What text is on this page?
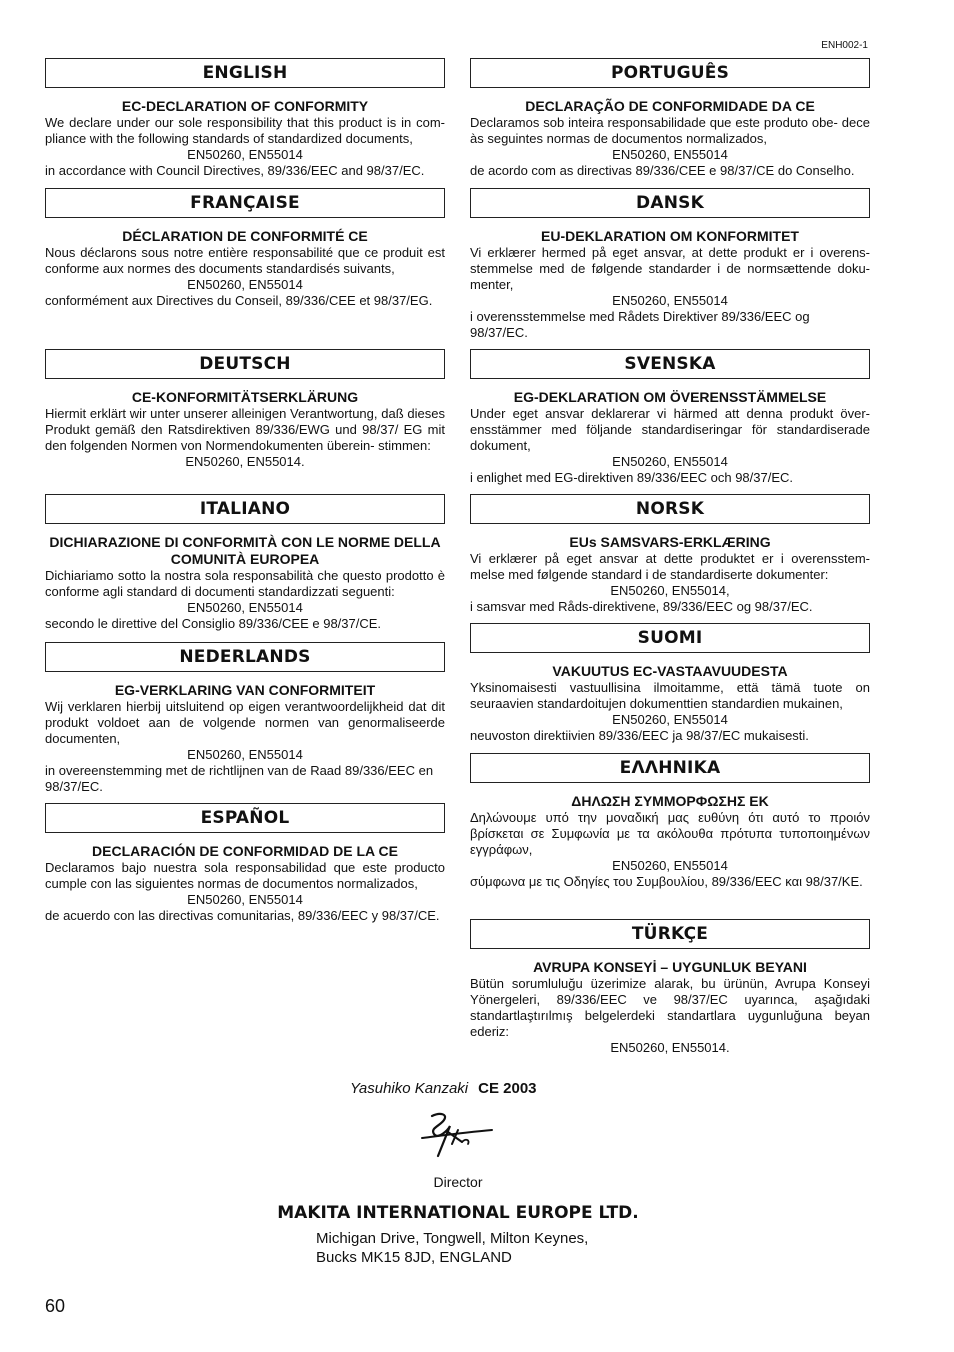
ENH002-1
ENGLISH
EC-DECLARATION OF CONFORMITY
We declare under our sole responsibility that this product is in com- pliance with the following standards of standardized documents,
EN50260, EN55014
in accordance with Council Directives, 89/336/EEC and 98/37/EC.
FRANÇAISE
DÉCLARATION DE CONFORMITÉ CE
Nous déclarons sous notre entière responsabilité que ce produit est conforme aux normes des documents standardisés suivants,
EN50260, EN55014
conformément aux Directives du Conseil, 89/336/CEE et 98/37/EG.
DEUTSCH
CE-KONFORMITÄTSERKLÄRUNG
Hiermit erklärt wir unter unserer alleinigen Verantwortung, daß dieses Produkt gemäß den Ratsdirektiven 89/336/EWG und 98/37/ EG mit den folgenden Normen von Normendokumenten überein- stimmen:
EN50260, EN55014.
ITALIANO
DICHIARAZIONE DI CONFORMITÀ CON LE NORME DELLA COMUNITÀ EUROPEA
Dichiariamo sotto la nostra sola responsabilità che questo prodotto è conforme agli standard di documenti standardizzati seguenti:
EN50260, EN55014
secondo le direttive del Consiglio 89/336/CEE e 98/37/CE.
NEDERLANDS
EG-VERKLARING VAN CONFORMITEIT
Wij verklaren hierbij uitsluitend op eigen verantwoordelijkheid dat dit produkt voldoet aan de volgende normen van genormaliseerde documenten,
EN50260, EN55014
in overeenstemming met de richtlijnen van de Raad 89/336/EEC en 98/37/EC.
ESPAÑOL
DECLARACIÓN DE CONFORMIDAD DE LA CE
Declaramos bajo nuestra sola responsabilidad que este producto cumple con las siguientes normas de documentos normalizados,
EN50260, EN55014
de acuerdo con las directivas comunitarias, 89/336/EEC y 98/37/CE.
PORTUGUÊS
DECLARAÇÃO DE CONFORMIDADE DA CE
Declaramos sob inteira responsabilidade que este produto obe- dece às seguintes normas de documentos normalizados,
EN50260, EN55014
de acordo com as directivas 89/336/CEE e 98/37/CE do Conselho.
DANSK
EU-DEKLARATION OM KONFORMITET
Vi erklærer hermed på eget ansvar, at dette produkt er i overens- stemmelse med de følgende standarder i de normsættende doku- menter,
EN50260, EN55014
i overensstemmelse med Rådets Direktiver 89/336/EEC og 98/37/EC.
SVENSKA
EG-DEKLARATION OM ÖVERENSSTÄMMELSE
Under eget ansvar deklarerar vi härmed att denna produkt över- ensstämmer med följande standardiseringar för standardiserade dokument,
EN50260, EN55014
i enlighet med EG-direktiven 89/336/EEC och 98/37/EC.
NORSK
EUs SAMSVARS-ERKLÆRING
Vi erklærer på eget ansvar at dette produktet er i overensstem- melse med følgende standard i de standardiserte dokumenter:
EN50260, EN55014,
i samsvar med Råds-direktivene, 89/336/EEC og 98/37/EC.
SUOMI
VAKUUTUS EC-VASTAAVUUDESTA
Yksinomaisesti vastuullisina ilmoitamme, että tämä tuote on seuraavien standardoitujen dokumenttien standardien mukainen,
EN50260, EN55014
neuvoston direktiivien 89/336/EEC ja 98/37/EC mukaisesti.
ΕΛΛΗΝΙΚΑ
ΔΗΛΩΣΗ ΣΥΜΜΟΡΦΩΣΗΣ ΕΚ
Δηλώνουμε υπό την μοναδική μας ευθύνη ότι αυτό το προιόν βρίσκεται σε Συμφωνία με τα ακόλουθα πρότυπα τυποποιημένων εγγράφων,
EN50260, EN55014
σύμφωνα με τις Οδηγίες του Συμβουλίου, 89/336/EEC και 98/37/ΚΕ.
TÜRKÇE
AVRUPA KONSEYİ – UYGUNLUK BEYANI
Bütün sorumluluğu üzerimize alarak, bu ürünün, Avrupa Konseyi Yönergeleri, 89/336/EEC ve 98/37/EC uyarınca, aşağıdaki standartlaştırılmış belgelerdeki standartlara uygunluğuna beyan ederiz:
EN50260, EN55014.
Yasuhiko Kanzaki CE 2003
Director
MAKITA INTERNATIONAL EUROPE LTD.
Michigan Drive, Tongwell, Milton Keynes,
Bucks MK15 8JD, ENGLAND
60
